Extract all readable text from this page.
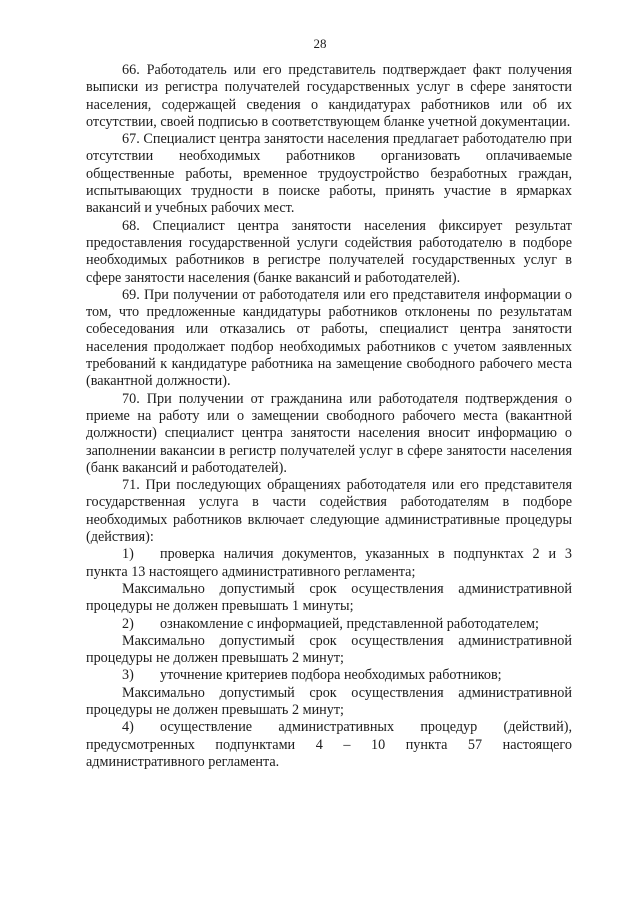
28

66. Работодатель или его представитель подтверждает факт получения выписки из регистра получателей государственных услуг в сфере занятости населения, содержащей сведения о кандидатурах работников или об их отсутствии, своей подписью в соответствующем бланке учетной документации.

67. Специалист центра занятости населения предлагает работодателю при отсутствии необходимых работников организовать оплачиваемые общественные работы, временное трудоустройство безработных граждан, испытывающих трудности в поиске работы, принять участие в ярмарках вакансий и учебных рабочих мест.

68. Специалист центра занятости населения фиксирует результат предоставления государственной услуги содействия работодателю в подборе необходимых работников в регистре получателей государственных услуг в сфере занятости населения (банке вакансий и работодателей).

69. При получении от работодателя или его представителя информации о том, что предложенные кандидатуры работников отклонены по результатам собеседования или отказались от работы, специалист центра занятости населения продолжает подбор необходимых работников с учетом заявленных требований к кандидатуре работника на замещение свободного рабочего места (вакантной должности).

70. При получении от гражданина или работодателя подтверждения о приеме на работу или о замещении свободного рабочего места (вакантной должности) специалист центра занятости населения вносит информацию о заполнении вакансии в регистр получателей услуг в сфере занятости населения (банк вакансий и работодателей).

71. При последующих обращениях работодателя или его представителя государственная услуга в части содействия работодателям в подборе необходимых работников включает следующие административные процедуры (действия):

1) проверка наличия документов, указанных в подпунктах 2 и 3 пункта 13 настоящего административного регламента;

Максимально допустимый срок осуществления административной процедуры не должен превышать 1 минуты;

2) ознакомление с информацией, представленной работодателем;

Максимально допустимый срок осуществления административной процедуры не должен превышать 2 минут;

3) уточнение критериев подбора необходимых работников;

Максимально допустимый срок осуществления административной процедуры не должен превышать 2 минут;

4) осуществление административных процедур (действий), предусмотренных подпунктами 4 – 10 пункта 57 настоящего административного регламента.
